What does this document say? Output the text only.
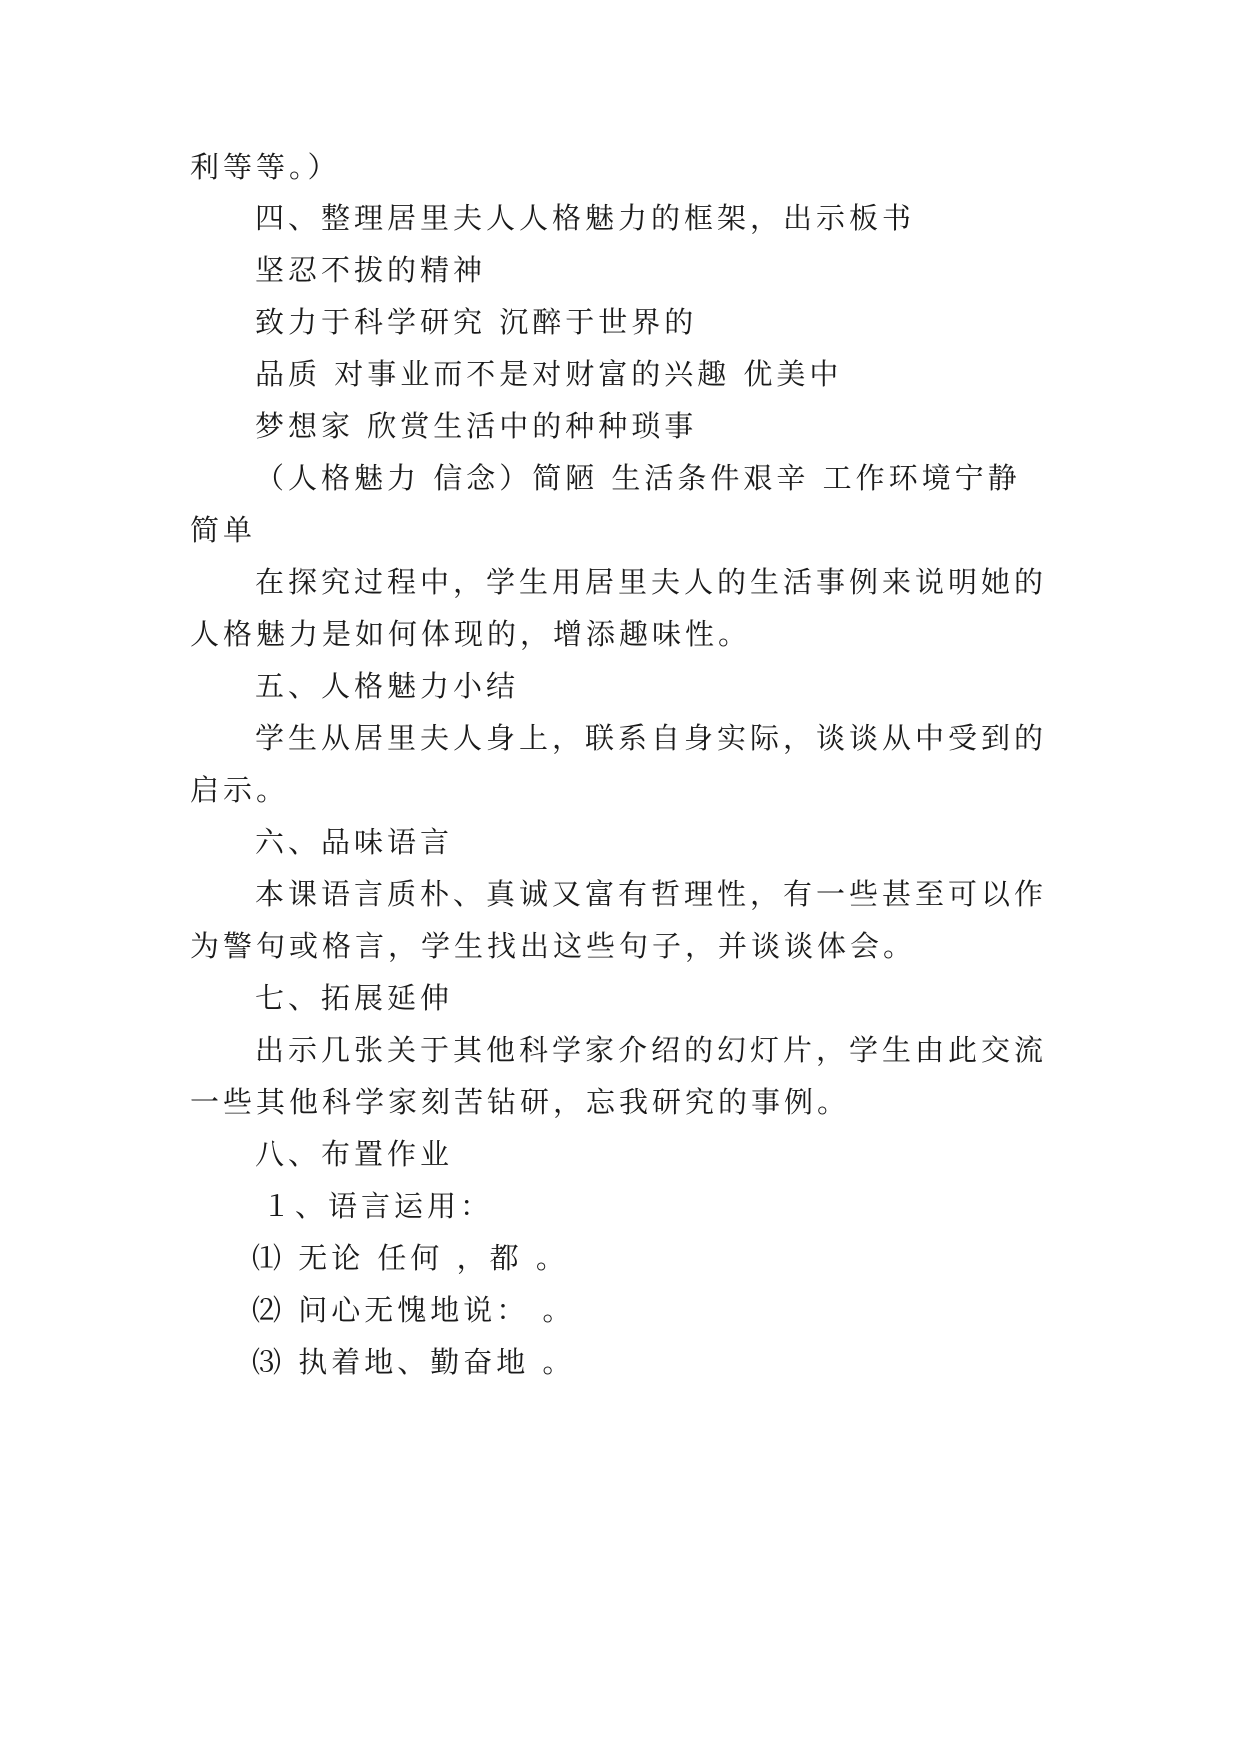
利等等。）
四、整理居里夫人人格魅力的框架，出示板书
坚忍不拔的精神
致力于科学研究 沉醉于世界的
品质 对事业而不是对财富的兴趣 优美中
梦想家 欣赏生活中的种种琐事
（人格魅力 信念）简陋 生活条件艰辛 工作环境宁静
简单
在探究过程中，学生用居里夫人的生活事例来说明她的
人格魅力是如何体现的，增添趣味性。
五、人格魅力小结
学生从居里夫人身上，联系自身实际，谈谈从中受到的
启示。
六、品味语言
本课语言质朴、真诚又富有哲理性，有一些甚至可以作
为警句或格言，学生找出这些句子，并谈谈体会。
七、拓展延伸
出示几张关于其他科学家介绍的幻灯片，学生由此交流
一些其他科学家刻苦钻研，忘我研究的事例。
八、布置作业
１、语言运用：
⑴ 无论 任何 ，都 。
⑵ 问心无愧地说： 。
⑶ 执着地、勤奋地 。
